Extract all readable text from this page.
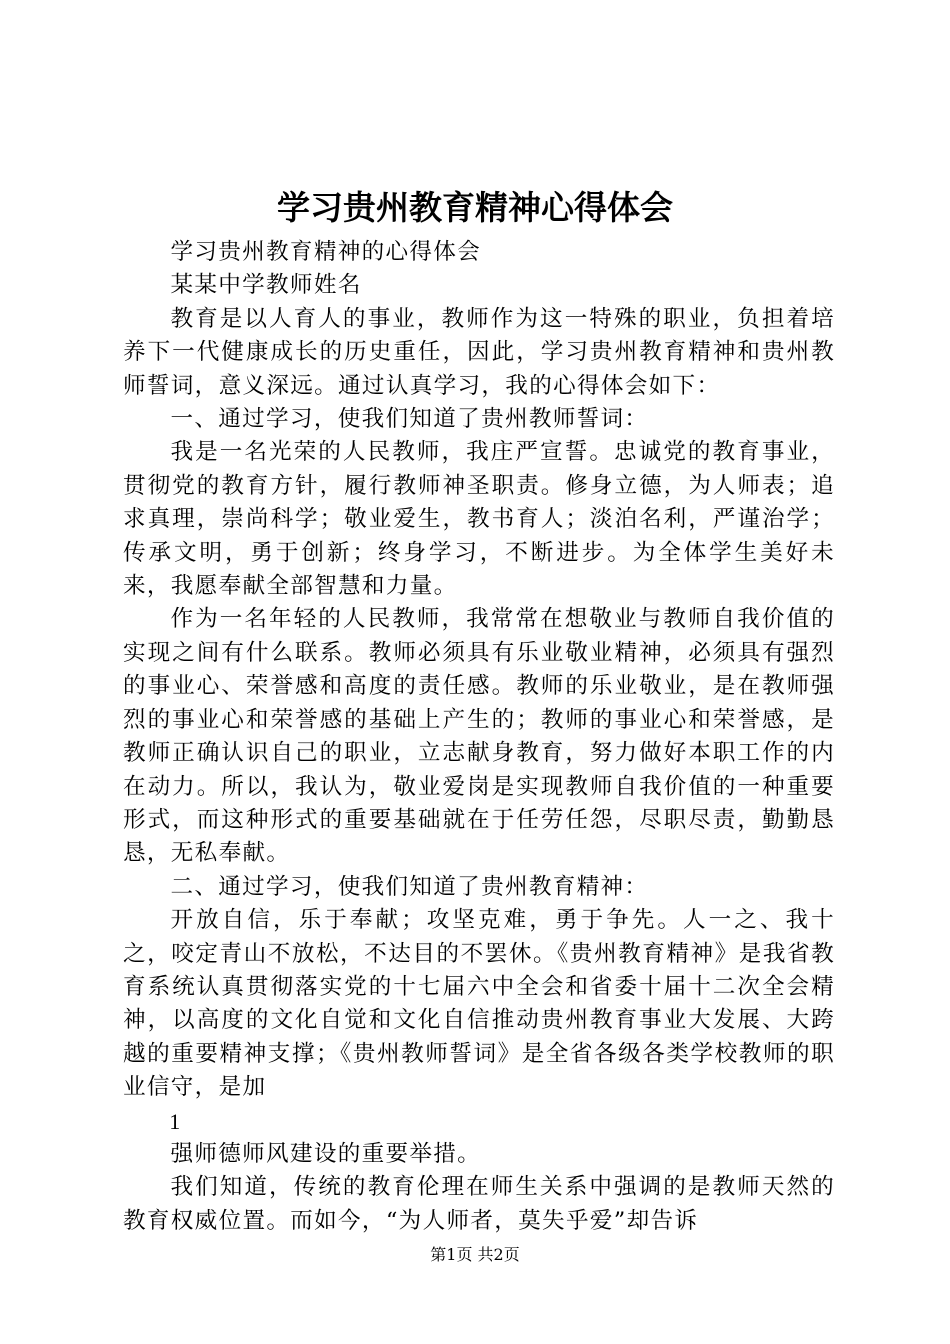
学习贵州教育精神心得体会

学习贵州教育精神的心得体会

某某中学教师姓名

教育是以人育人的事业，教师作为这一特殊的职业，负担着培养下一代健康成长的历史重任，因此，学习贵州教育精神和贵州教师誓词，意义深远。通过认真学习，我的心得体会如下：

一、通过学习，使我们知道了贵州教师誓词：

我是一名光荣的人民教师，我庄严宣誓。忠诚党的教育事业，贯彻党的教育方针，履行教师神圣职责。修身立德，为人师表；追求真理，崇尚科学；敬业爱生，教书育人；淡泊名利，严谨治学；传承文明，勇于创新；终身学习，不断进步。为全体学生美好未来，我愿奉献全部智慧和力量。

作为一名年轻的人民教师，我常常在想敬业与教师自我价值的实现之间有什么联系。教师必须具有乐业敬业精神，必须具有强烈的事业心、荣誉感和高度的责任感。教师的乐业敬业，是在教师强烈的事业心和荣誉感的基础上产生的；教师的事业心和荣誉感，是教师正确认识自己的职业，立志献身教育，努力做好本职工作的内在动力。所以，我认为，敬业爱岗是实现教师自我价值的一种重要形式，而这种形式的重要基础就在于任劳任怨，尽职尽责，勤勤恳恳，无私奉献。

二、通过学习，使我们知道了贵州教育精神：

开放自信，乐于奉献；攻坚克难，勇于争先。人一之、我十之，咬定青山不放松，不达目的不罢休。《贵州教育精神》是我省教育系统认真贯彻落实党的十七届六中全会和省委十届十二次全会精神，以高度的文化自觉和文化自信推动贵州教育事业大发展、大跨越的重要精神支撑；《贵州教师誓词》是全省各级各类学校教师的职业信守，是加

1

强师德师风建设的重要举措。

我们知道，传统的教育伦理在师生关系中强调的是教师天然的教育权威位置。而如今，“为人师者，莫失乎爱”却告诉

第1页 共2页
